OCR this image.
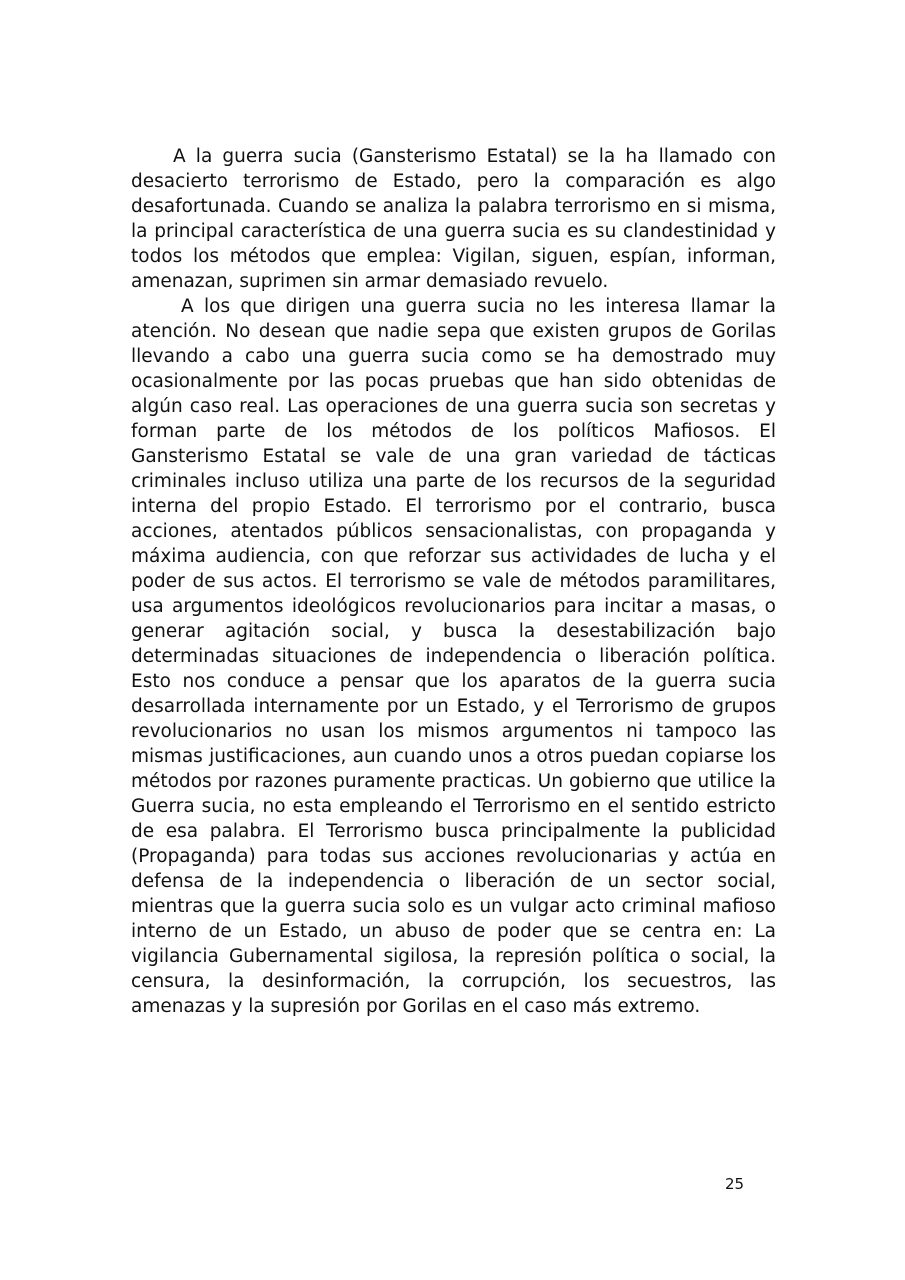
A la guerra sucia (Gansterismo Estatal) se la ha llamado con desacierto terrorismo de Estado, pero la comparación es algo desafortunada. Cuando se analiza la palabra terrorismo en si misma, la principal característica de una guerra sucia es su clandestinidad y todos los métodos que emplea: Vigilan, siguen, espían, informan, amenazan, suprimen sin armar demasiado revuelo.

A los que dirigen una guerra sucia no les interesa llamar la atención. No desean que nadie sepa que existen grupos de Gorilas llevando a cabo una guerra sucia como se ha demostrado muy ocasionalmente por las pocas pruebas que han sido obtenidas de algún caso real. Las operaciones de una guerra sucia son secretas y forman parte de los métodos de los políticos Mafiosos. El Gansterismo Estatal se vale de una gran variedad de tácticas criminales incluso utiliza una parte de los recursos de la seguridad interna del propio Estado. El terrorismo por el contrario, busca acciones, atentados públicos sensacionalistas, con propaganda y máxima audiencia, con que reforzar sus actividades de lucha y el poder de sus actos. El terrorismo se vale de métodos paramilitares, usa argumentos ideológicos revolucionarios para incitar a masas, o generar agitación social, y busca la desestabilización bajo determinadas situaciones de independencia o liberación política. Esto nos conduce a pensar que los aparatos de la guerra sucia desarrollada internamente por un Estado, y el Terrorismo de grupos revolucionarios no usan los mismos argumentos ni tampoco las mismas justificaciones, aun cuando unos a otros puedan copiarse los métodos por razones puramente practicas. Un gobierno que utilice la Guerra sucia, no esta empleando el Terrorismo en el sentido estricto de esa palabra. El Terrorismo busca principalmente la publicidad (Propaganda) para todas sus acciones revolucionarias y actúa en defensa de la independencia o liberación de un sector social, mientras que la guerra sucia solo es un vulgar acto criminal mafioso interno de un Estado, un abuso de poder que se centra en: La vigilancia Gubernamental sigilosa, la represión política o social, la censura, la desinformación, la corrupción, los secuestros, las amenazas y la supresión por Gorilas en el caso más extremo.

25
